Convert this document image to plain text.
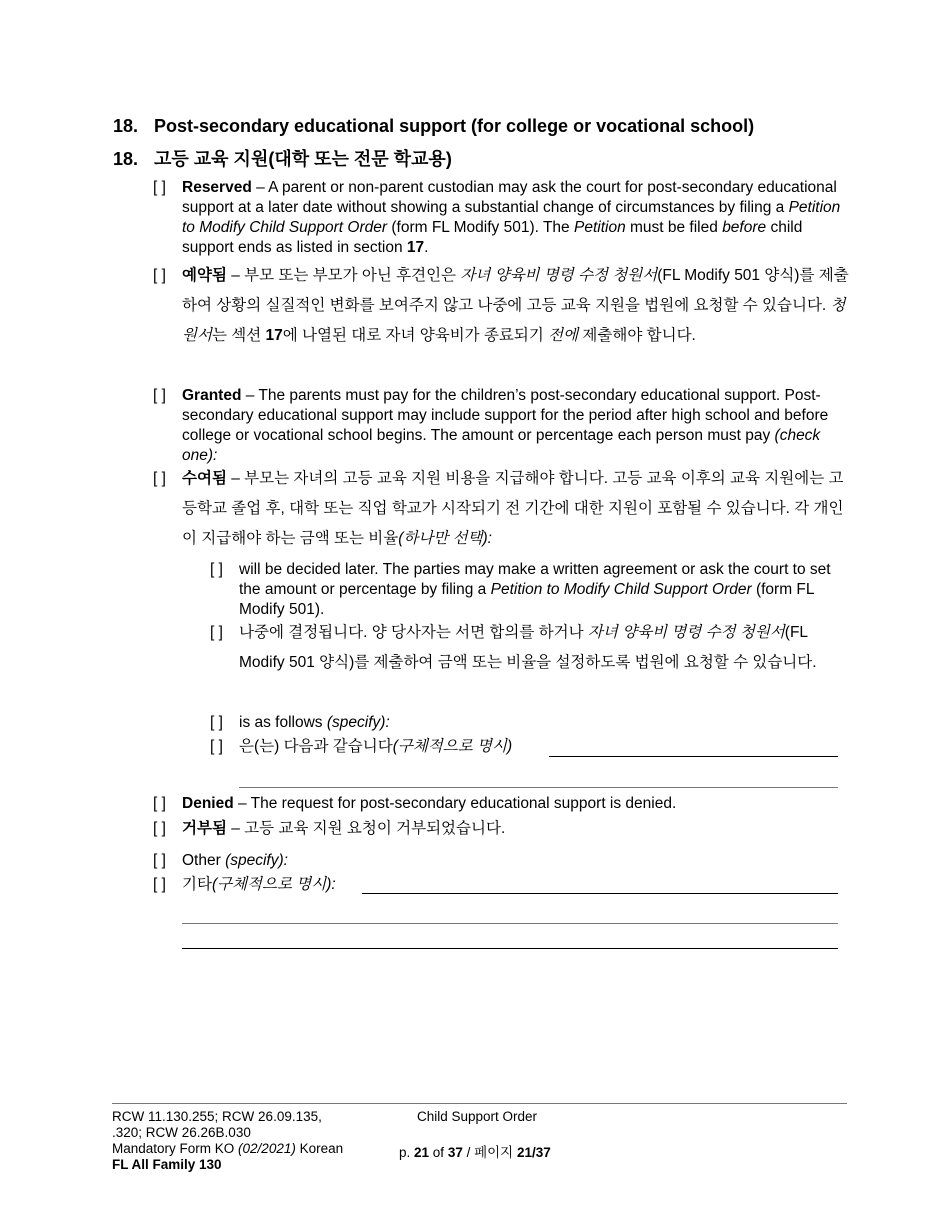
18. Post-secondary educational support (for college or vocational school)
18. 고등 교육 지원(대학 또는 전문 학교용)
[ ] Reserved – A parent or non-parent custodian may ask the court for post-secondary educational support at a later date without showing a substantial change of circumstances by filing a Petition to Modify Child Support Order (form FL Modify 501). The Petition must be filed before child support ends as listed in section 17.
[ ] 예약됨 – 부모 또는 부모가 아닌 후견인은 자녀 양육비 명령 수정 청원서(FL Modify 501 양식)를 제출하여 상황의 실질적인 변화를 보여주지 않고 나중에 고등 교육 지원을 법원에 요청할 수 있습니다. 청원서는 섹션 17에 나열된 대로 자녀 양육비가 종료되기 전에 제출해야 합니다.
[ ] Granted – The parents must pay for the children’s post-secondary educational support. Post-secondary educational support may include support for the period after high school and before college or vocational school begins. The amount or percentage each person must pay (check one):
[ ] 수여됨 – 부모는 자녀의 고등 교육 지원 비용을 지급해야 합니다. 고등 교육 이후의 교육 지원에는 고등학교 졸업 후, 대학 또는 직업 학교가 시작되기 전 기간에 대한 지원이 포함될 수 있습니다. 각 개인이 지급해야 하는 금액 또는 비율(하나만 선택):
[ ] will be decided later. The parties may make a written agreement or ask the court to set the amount or percentage by filing a Petition to Modify Child Support Order (form FL Modify 501).
[ ] 나중에 결정됩니다. 양 당사자는 서면 합의를 하거나 자녀 양육비 명령 수정 청원서(FL Modify 501 양식)를 제출하여 금액 또는 비율을 설정하도록 법원에 요청할 수 있습니다.
[ ] is as follows (specify):
[ ] 은(는) 다음과 같습니다(구체적으로 명시)
[ ] Denied – The request for post-secondary educational support is denied.
[ ] 거부됨 – 고등 교육 지원 요청이 거부되었습니다.
[ ] Other (specify):
[ ] 기타(구체적으로 명시):
RCW 11.130.255; RCW 26.09.135,
.320; RCW 26.26B.030
Mandatory Form KO (02/2021) Korean
FL All Family 130
Child Support Order
p. 21 of 37 / 페이지 21/37
